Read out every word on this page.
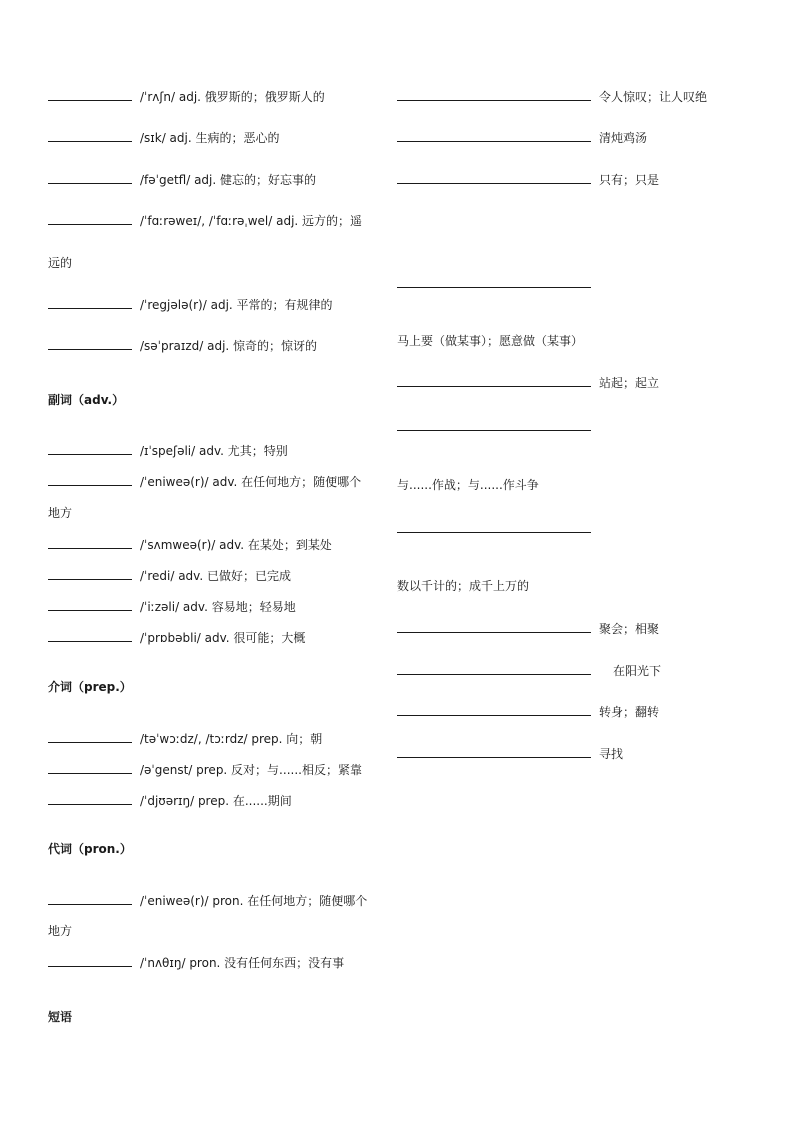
/ˈrʌʃn/ adj. 俄罗斯的；俄罗斯人的
/sɪk/ adj. 生病的；恶心的
/fəˈgetfl/ adj. 健忘的；好忘事的
/ˈfɑːrəweɪ/, /ˈfɑːrəˌwel/ adj. 远方的；遥
远的
/ˈregjələ(r)/ adj. 平常的；有规律的
/səˈpraɪzd/ adj. 惊奇的；惊讶的
副词（adv.）
/ɪˈspeʃəli/ adv. 尤其；特别
/ˈeniweə(r)/ adv. 在任何地方；随便哪个
地方
/ˈsʌmweə(r)/ adv. 在某处；到某处
/ˈredi/ adv. 已做好；已完成
/ˈiːzəli/ adv. 容易地；轻易地
/ˈprɒbəbli/ adv. 很可能；大概
介词（prep.）
/təˈwɔːdz/, /tɔːrdz/ prep. 向；朝
/əˈgenst/ prep. 反对；与......相反；紧靠
/ˈdjʊərɪŋ/ prep. 在......期间
代词（pron.）
/ˈeniweə(r)/ pron. 在任何地方；随便哪个
地方
/ˈnʌθɪŋ/ pron. 没有任何东西；没有事
短语
令人惊叹；让人叹绝
清炖鸡汤
只有；只是
马上要（做某事）；愿意做（某事）
站起；起立
与......作战；与......作斗争
数以千计的；成千上万的
聚会；相聚
在阳光下
转身；翻转
寻找
